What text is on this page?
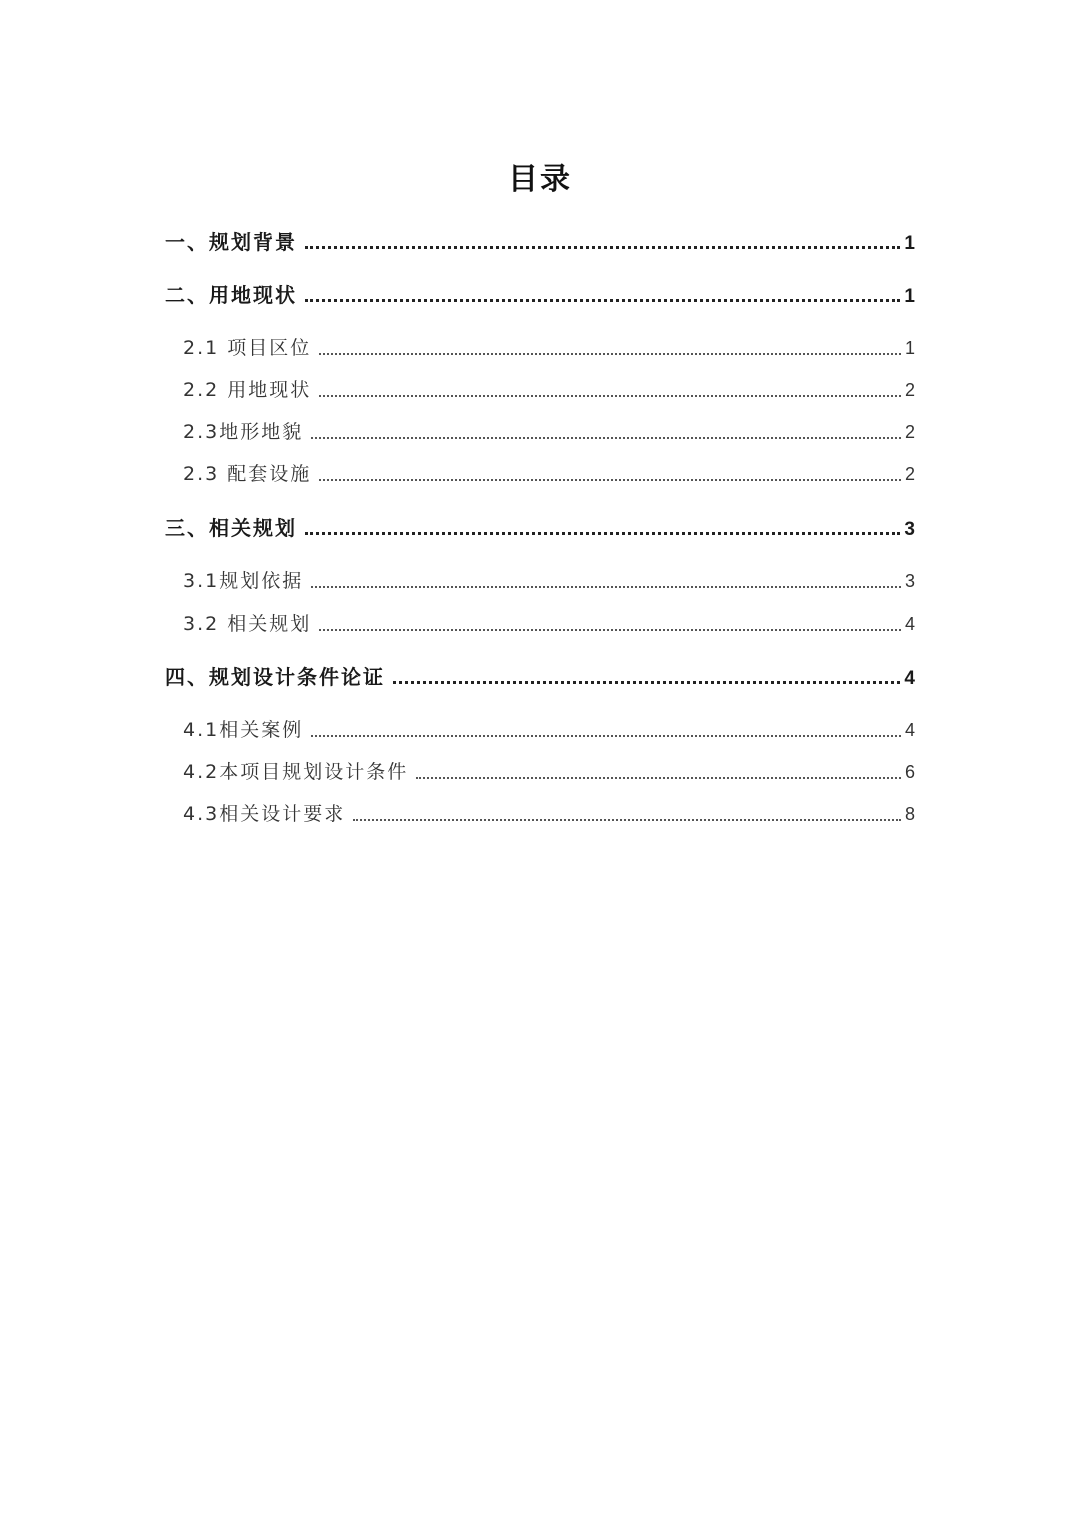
目录
一、规划背景	1
二、用地现状	1
2.1 项目区位	1
2.2 用地现状	2
2.3地形地貌	2
2.3 配套设施	2
三、相关规划	3
3.1规划依据	3
3.2 相关规划	4
四、规划设计条件论证	4
4.1相关案例	4
4.2本项目规划设计条件	6
4.3相关设计要求	8
